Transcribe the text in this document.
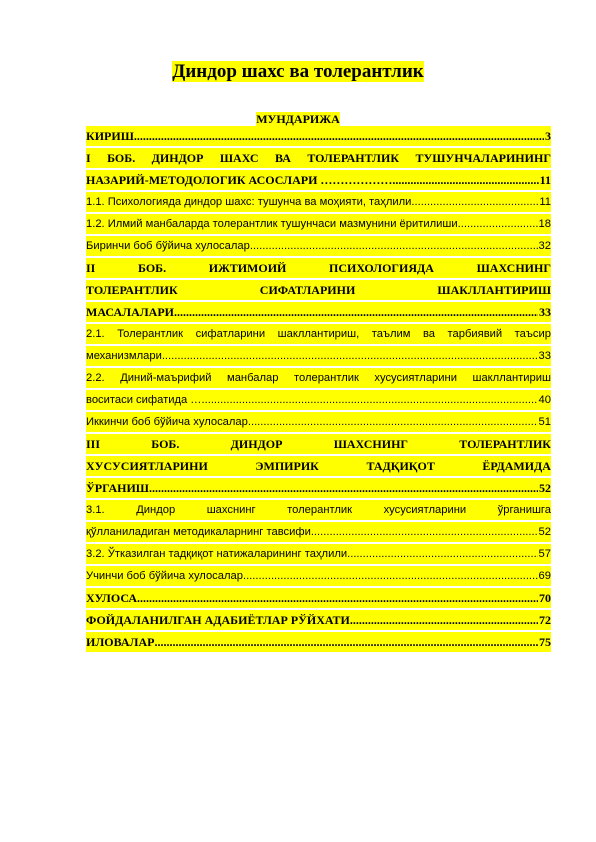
Диндор шахс ва толерантлик
МУНДАРИЖА
КИРИШ .....	3
I БОБ. ДИНДОР ШАХС ВА ТОЛЕРАНТЛИК ТУШУНЧАЛАРИНИНГ
НАЗАРИЙ-МЕТОДОЛОГИК АСОСЛАРИ ……………… .....	11
1.1. Психологияда диндор шахс: тушунча ва моҳияти, таҳлили .....	11
1.2. Илмий манбаларда толерантлик тушунчаси мазмунини ёритилиши .....	18
Биринчи боб бўйича хулосалар .....	32
II	БОБ.	ИЖТИМОИЙ	ПСИХОЛОГИЯДА	ШАХСНИНГ
ТОЛЕРАНТЛИК	СИФАТЛАРИНИ	ШАКЛЛАНТИРИШ
МАСАЛАЛАРИ .....	33
2.1. Толерантлик сифатларини шакллантириш, таълим ва тарбиявий таъсир
механизмлари .....	33
2.2. Диний-маърифий манбалар толерантлик хусусиятларини шакллантириш
воситаси сифатида … .....	40
Иккинчи боб бўйича хулосалар .....	51
III	БОБ.	ДИНДОР	ШАХСНИНГ	ТОЛЕРАНТЛИК
ХУСУСИЯТЛАРИНИ	ЭМПИРИК	ТАДҚИҚОТ	ЁРДАМИДА
ЎРГАНИШ .....	52
3.1.	Диндор	шахснинг	толерантлик	хусусиятларини	ўрганишга
қўлланиладиган методикаларнинг тавсифи .....	52
3.2. Ўтказилган тадқиқот натижаларининг таҳлили .....	57
Учинчи боб бўйича хулосалар .....	69
ХУЛОСА .....	70
ФОЙДАЛАНИЛГАН АДАБИЁТЛАР РЎЙХАТИ .....	72
ИЛОВАЛАР .....	75
